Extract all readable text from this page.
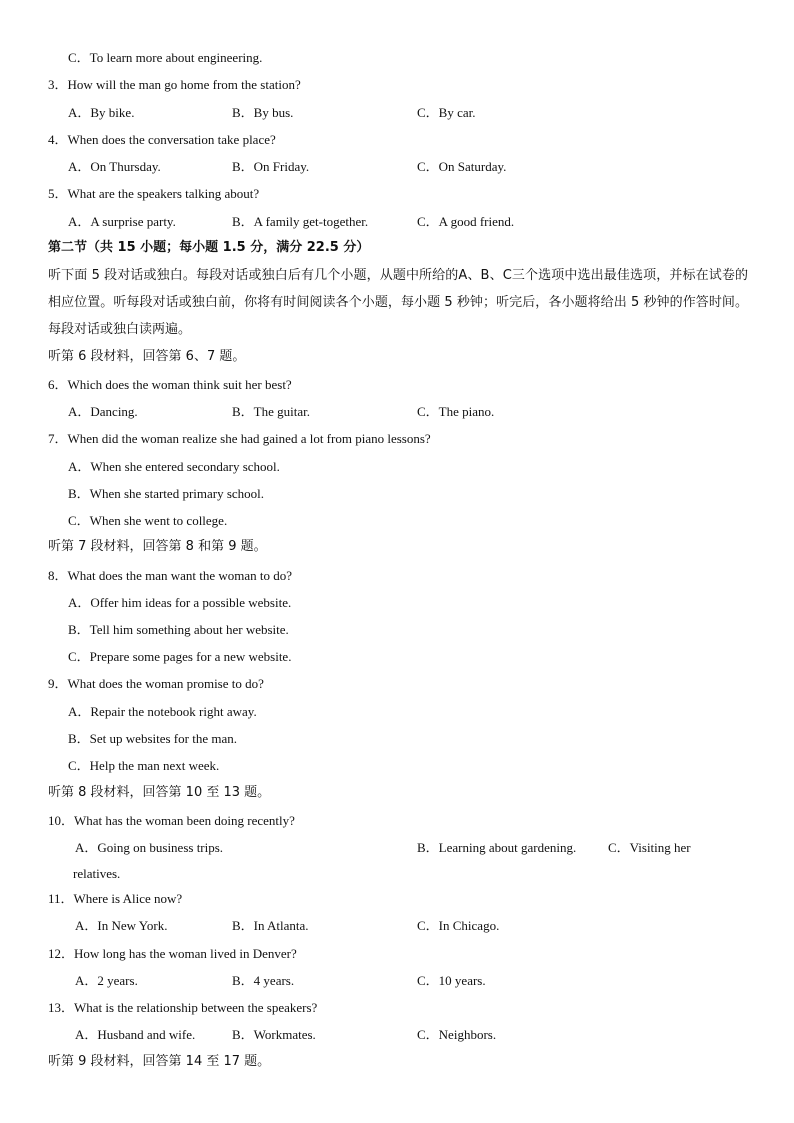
C．To learn more about engineering.
3．How will the man go home from the station?
A．By bike.	B．By bus.	C．By car.
4．When does the conversation take place?
A．On Thursday.	B．On Friday.	C．On Saturday.
5．What are the speakers talking about?
A．A surprise party.	B．A family get-together.	C．A good friend.
第二节（共 15 小题；每小题 1.5 分，满分 22.5 分）
听下面 5 段对话或独白。每段对话或独白后有几个小题，从题中所给的A、B、C三个选项中选出最佳选项，并标在试卷的相应位置。听每段对话或独白前，你将有时间阅读各个小题，每小题 5 秒钟；听完后，各小题将给出 5 秒钟的作答时间。每段对话或独白读两遍。
听第 6 段材料，回答第 6、7 题。
6．Which does the woman think suit her best?
A．Dancing.	B．The guitar.	C．The piano.
7．When did the woman realize she had gained a lot from piano lessons?
A．When she entered secondary school.
B．When she started primary school.
C．When she went to college.
听第 7 段材料，回答第 8 和第 9 题。
8．What does the man want the woman to do?
A．Offer him ideas for a possible website.
B．Tell him something about her website.
C．Prepare some pages for a new website.
9．What does the woman promise to do?
A．Repair the notebook right away.
B．Set up websites for the man.
C．Help the man next week.
听第 8 段材料，回答第 10 至 13 题。
10．What has the woman been doing recently?
A．Going on business trips.	B．Learning about gardening. C．Visiting her
relatives.
11．Where is Alice now?
A．In New York.	B．In Atlanta.	C．In Chicago.
12．How long has the woman lived in Denver?
A．2 years.	B．4 years.	C．10 years.
13．What is the relationship between the speakers?
A．Husband and wife.	B．Workmates.	C．Neighbors.
听第 9 段材料，回答第 14 至 17 题。
